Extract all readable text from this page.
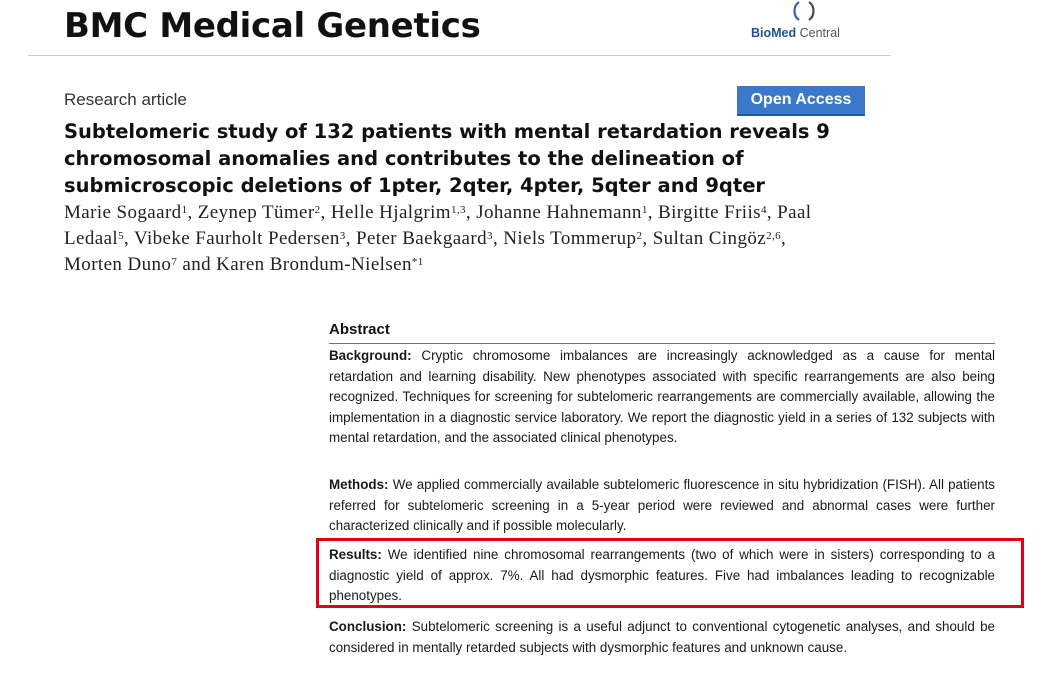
BMC Medical Genetics	BioMed Central
Research article	Open Access
Subtelomeric study of 132 patients with mental retardation reveals 9 chromosomal anomalies and contributes to the delineation of submicroscopic deletions of 1pter, 2qter, 4pter, 5qter and 9qter
Marie Sogaard$^1$, Zeynep Tümer$^2$, Helle Hjalgrim$^{1,3}$, Johanne Hahnemann$^1$, Birgitte Friis$^4$, Paal Ledaal$^5$, Vibeke Faurholt Pedersen$^3$, Peter Baekgaard$^3$, Niels Tommerup$^2$, Sultan Cingöz$^{2,6}$, Morten Duno$^7$ and Karen Brondum-Nielsen$^{*1}$
Abstract
Background: Cryptic chromosome imbalances are increasingly acknowledged as a cause for mental retardation and learning disability. New phenotypes associated with specific rearrangements are also being recognized. Techniques for screening for subtelomeric rearrangements are commercially available, allowing the implementation in a diagnostic service laboratory. We report the diagnostic yield in a series of 132 subjects with mental retardation, and the associated clinical phenotypes.
Methods: We applied commercially available subtelomeric fluorescence in situ hybridization (FISH). All patients referred for subtelomeric screening in a 5-year period were reviewed and abnormal cases were further characterized clinically and if possible molecularly.
Results: We identified nine chromosomal rearrangements (two of which were in sisters) corresponding to a diagnostic yield of approx. 7%. All had dysmorphic features. Five had imbalances leading to recognizable phenotypes.
Conclusion: Subtelomeric screening is a useful adjunct to conventional cytogenetic analyses, and should be considered in mentally retarded subjects with dysmorphic features and unknown cause.
